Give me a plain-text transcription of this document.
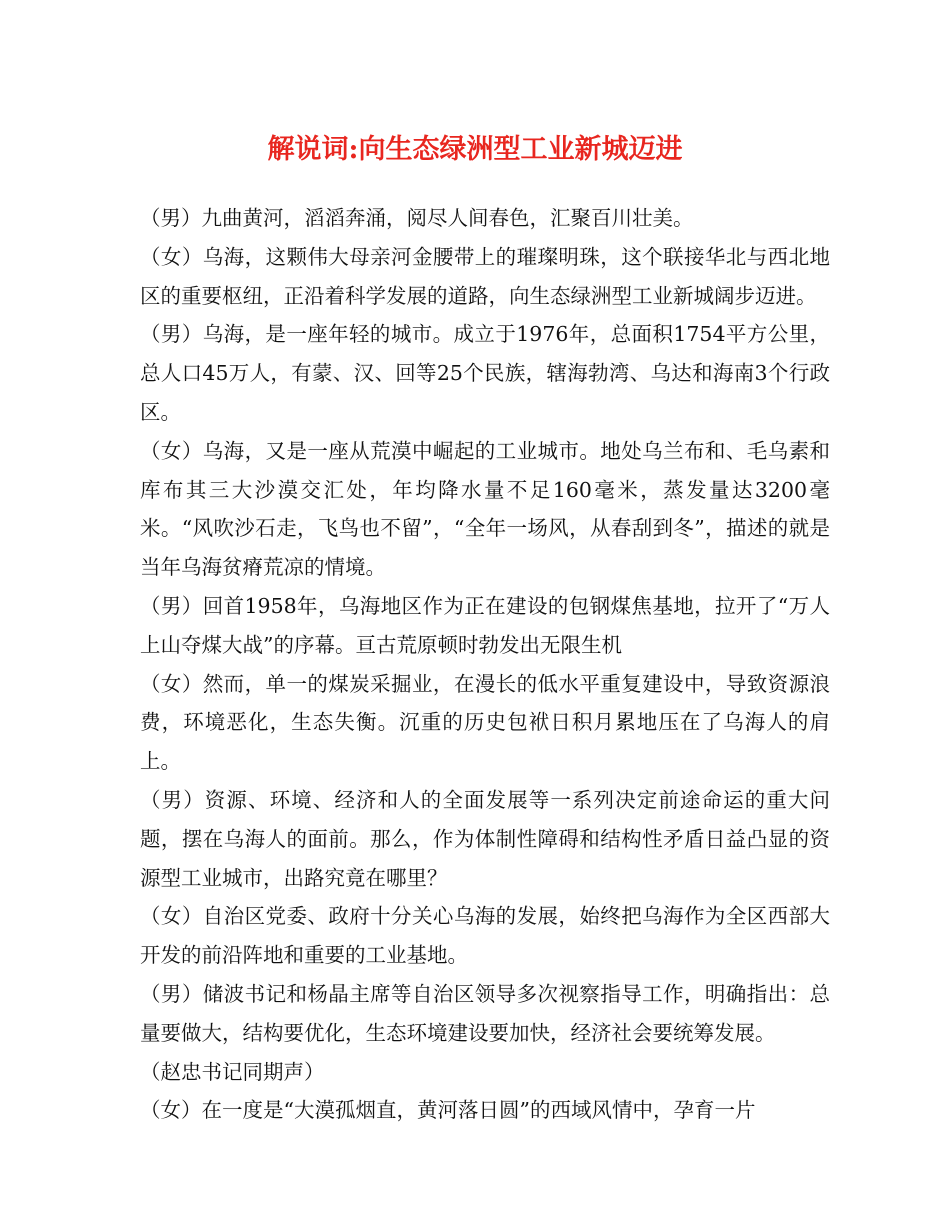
解说词:向生态绿洲型工业新城迈进

（男）九曲黄河，滔滔奔涌，阅尽人间春色，汇聚百川壮美。

（女）乌海，这颗伟大母亲河金腰带上的璀璨明珠，这个联接华北与西北地区的重要枢纽，正沿着科学发展的道路，向生态绿洲型工业新城阔步迈进。

（男）乌海，是一座年轻的城市。成立于1976年，总面积1754平方公里，总人口45万人，有蒙、汉、回等25个民族，辖海勃湾、乌达和海南3个行政区。

（女）乌海，又是一座从荒漠中崛起的工业城市。地处乌兰布和、毛乌素和库布其三大沙漠交汇处，年均降水量不足160毫米，蒸发量达3200毫米。“风吹沙石走，飞鸟也不留”，“全年一场风，从春刮到冬”，描述的就是当年乌海贫瘠荒凉的情境。

（男）回首1958年，乌海地区作为正在建设的包钢煤焦基地，拉开了“万人上山夺煤大战”的序幕。亘古荒原顿时勃发出无限生机

（女）然而，单一的煤炭采掘业，在漫长的低水平重复建设中，导致资源浪费，环境恶化，生态失衡。沉重的历史包袱日积月累地压在了乌海人的肩上。

（男）资源、环境、经济和人的全面发展等一系列决定前途命运的重大问题，摆在乌海人的面前。那么，作为体制性障碍和结构性矛盾日益凸显的资源型工业城市，出路究竟在哪里？

（女）自治区党委、政府十分关心乌海的发展，始终把乌海作为全区西部大开发的前沿阵地和重要的工业基地。

（男）储波书记和杨晶主席等自治区领导多次视察指导工作，明确指出：总量要做大，结构要优化，生态环境建设要加快，经济社会要统筹发展。

（赵忠书记同期声）

（女）在一度是“大漠孤烟直，黄河落日圆”的西域风情中，孕育一片
